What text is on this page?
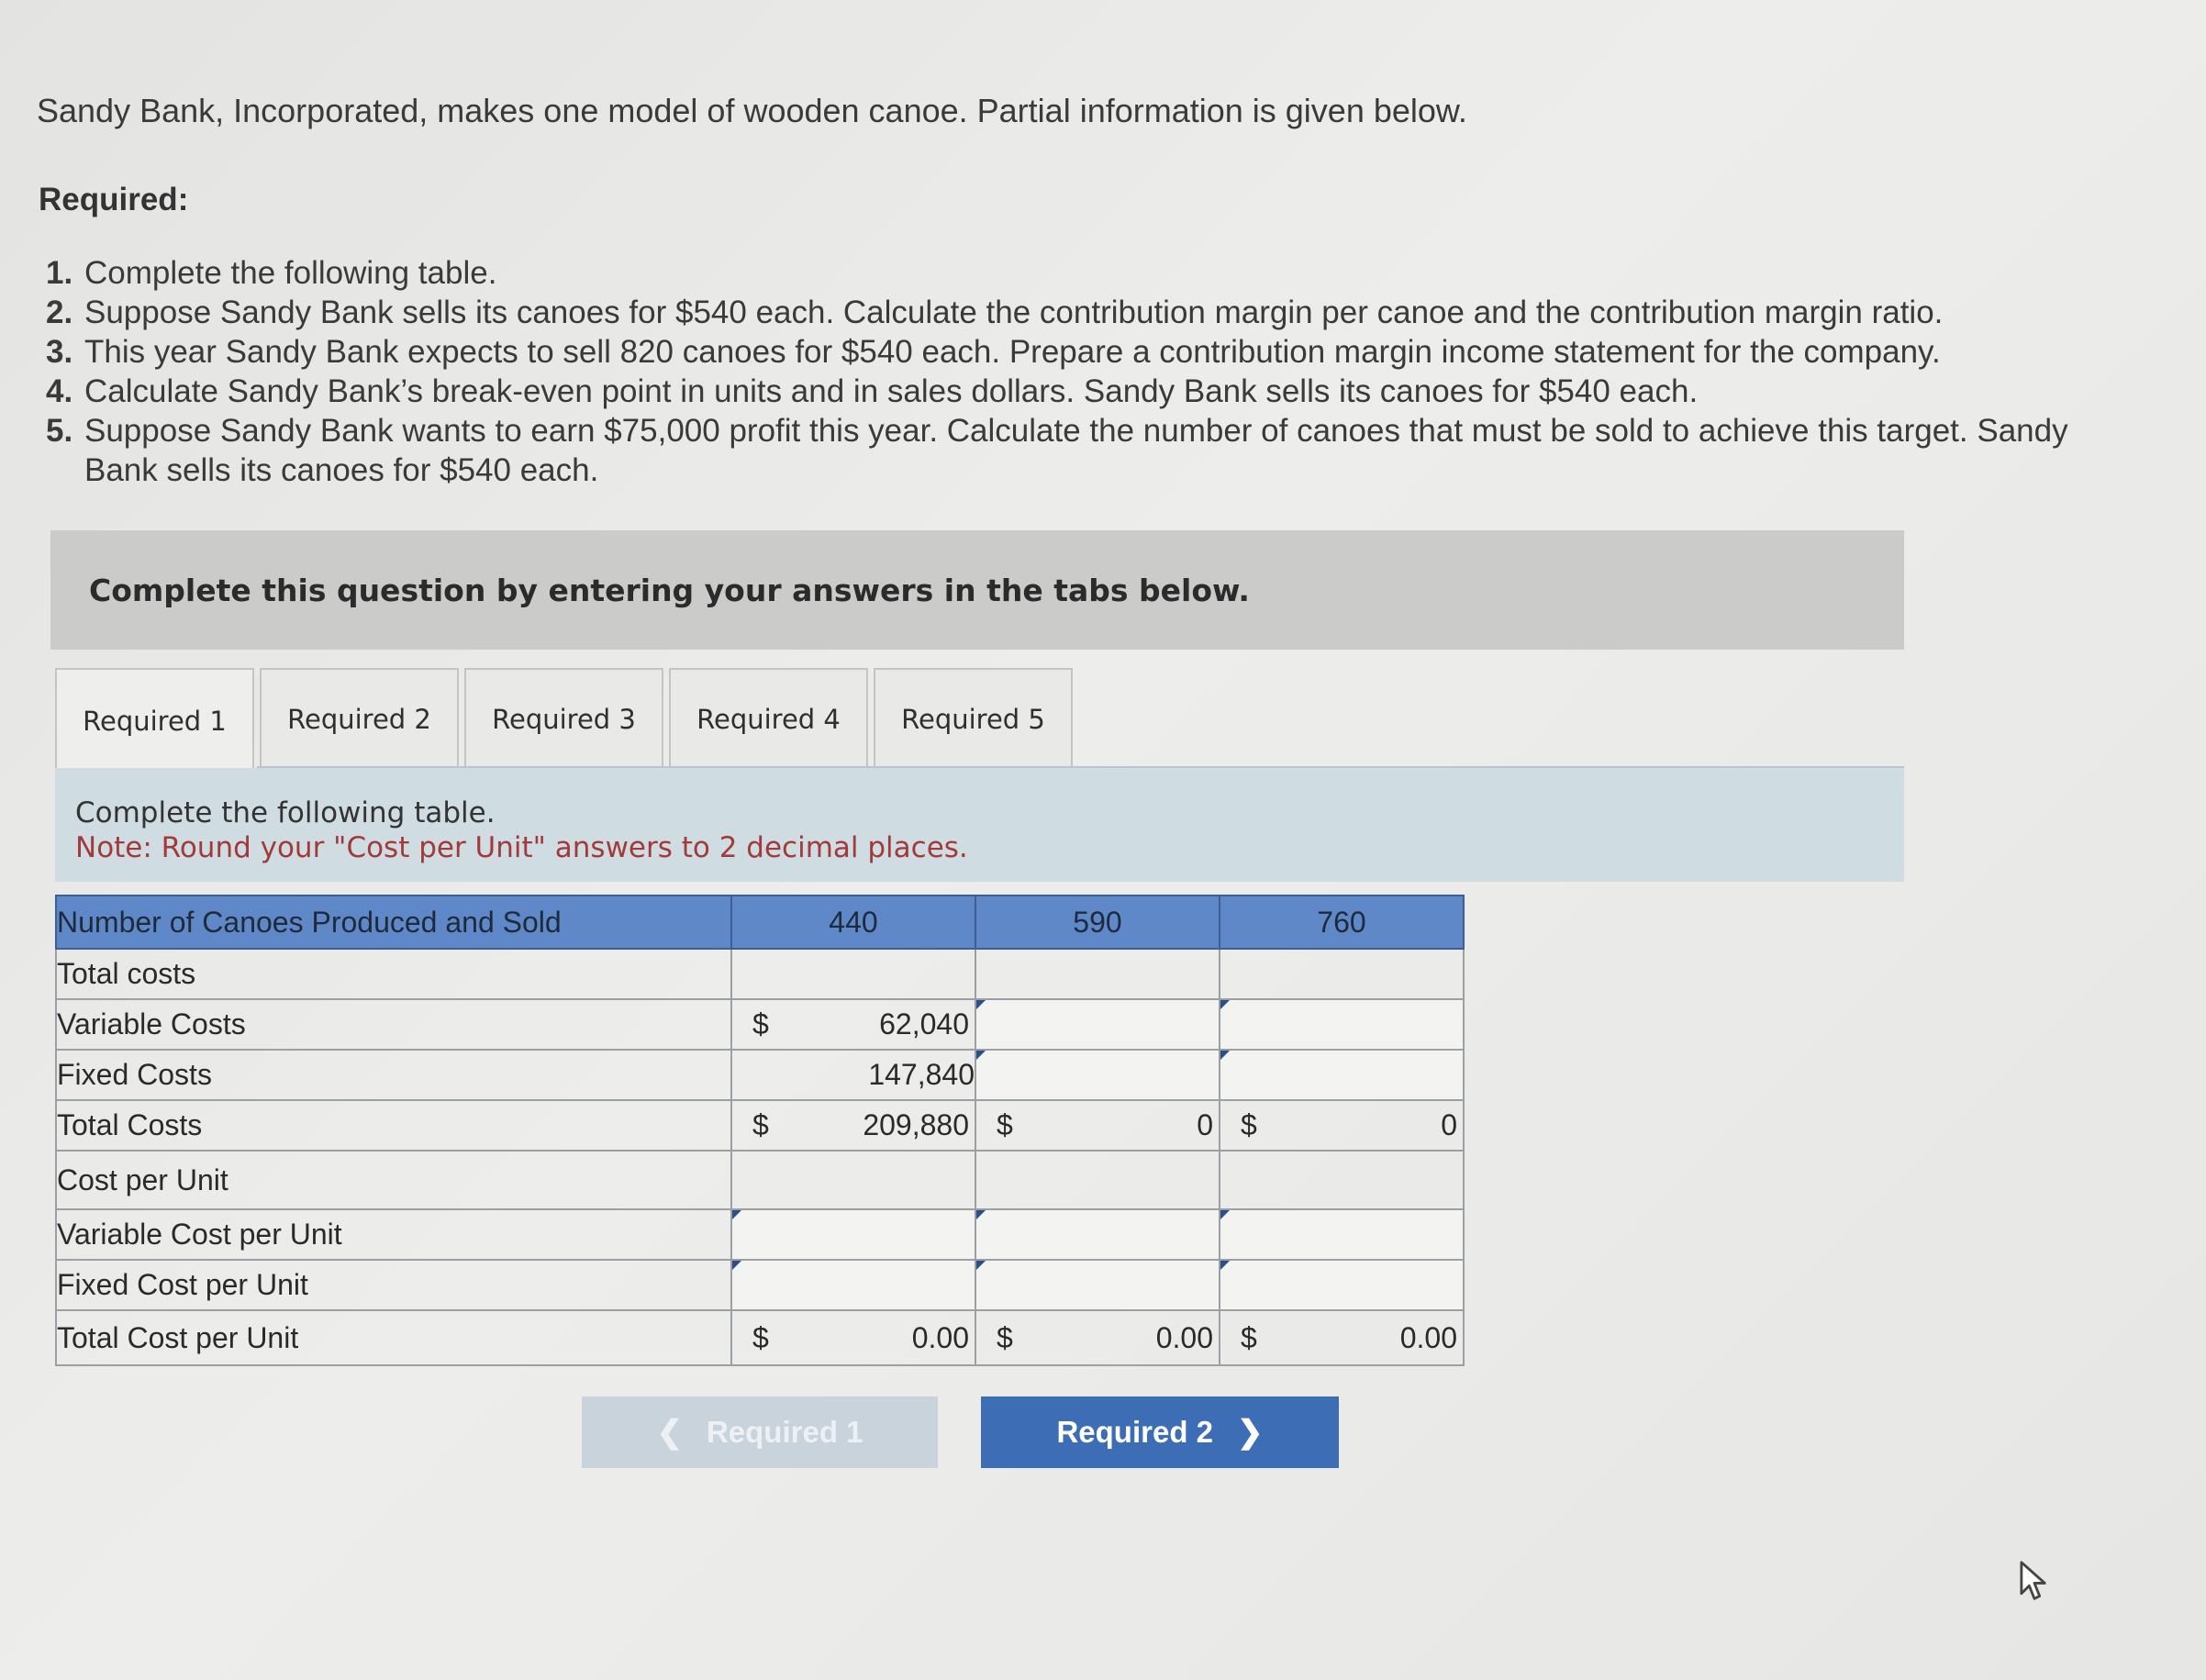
Sandy Bank, Incorporated, makes one model of wooden canoe. Partial information is given below.
Required:
1. Complete the following table.
2. Suppose Sandy Bank sells its canoes for $540 each. Calculate the contribution margin per canoe and the contribution margin ratio.
3. This year Sandy Bank expects to sell 820 canoes for $540 each. Prepare a contribution margin income statement for the company.
4. Calculate Sandy Bank’s break-even point in units and in sales dollars. Sandy Bank sells its canoes for $540 each.
5. Suppose Sandy Bank wants to earn $75,000 profit this year. Calculate the number of canoes that must be sold to achieve this target. Sandy Bank sells its canoes for $540 each.
Complete this question by entering your answers in the tabs below.
Required 1	Required 2	Required 3	Required 4	Required 5
Complete the following table.
Note: Round your "Cost per Unit" answers to 2 decimal places.
Number of Canoes Produced and Sold	440	590	760
Total costs			
Variable Costs	$ 62,040

Fixed Costs	147,840		
Total Costs	$ 209,880	$ 0	$ 0

Cost per Unit			
Variable Cost per Unit			
Fixed Cost per Unit			
Total Cost per Unit	$ 0.00	$ 0.00	$ 0.00
❮ Required 1	Required 2 ❯
